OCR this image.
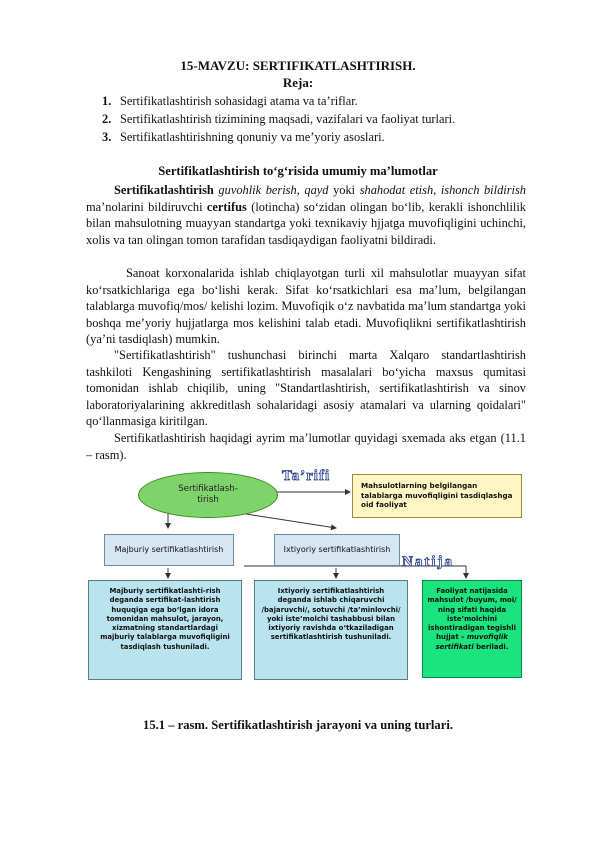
15-MAVZU: SERTIFIKATLASHTIRISH.
Reja:
1. Sertifikatlashtirish sohasidagi atama va ta’riflar.
2. Sertifikatlashtirish tizimining maqsadi, vazifalari va faoliyat turlari.
3. Sertifikatlashtirishning qonuniy va me’yoriy asoslari.
Sertifikatlashtirish to‘g‘risida umumiy ma’lumotlar

Sertifikatlashtirish guvohlik berish, qayd yoki shahodat etish, ishonch bildirish ma’nolarini bildiruvchi certifus (lotincha) so‘zidan olingan bo‘lib, kerakli ishonchlilik bilan mahsulotning muayyan standartga yoki texnikaviy hjjatga muvofiqligini uchinchi, xolis va tan olingan tomon tarafidan tasdiqaydigan faoliyatni bildiradi.

Sanoat korxonalarida ishlab chiqlayotgan turli xil mahsulotlar muayyan sifat ko‘rsatkichlariga ega bo‘lishi kerak. Sifat ko‘rsatkichlari esa ma’lum, belgilangan talablarga muvofiq/mos/ kelishi lozim. Muvofiqik o‘z navbatida ma’lum standartga yoki boshqa me’yoriy hujjatlarga mos kelishini talab etadi. Muvofiqlikni sertifikatlashtirish (ya’ni tasdiqlash) mumkin.

"Sertifikatlashtirish" tushunchasi birinchi marta Xalqaro standartlashtirish tashkiloti Kengashining sertifikatlashtirish masalalari bo‘yicha maxsus qumitasi tomonidan ishlab chiqilib, uning "Standartlashtirish, sertifikatlashtirish va sinov laboratoriyalarining akkreditlash sohalaridagi asosiy atamalari va ularning qoidalari" qo‘llanmasiga kiritilgan.

Sertifikatlashtirish haqidagi ayrim ma’lumotlar quyidagi sxemada aks etgan (11.1 – rasm).

Sertifikatlash-
tirish
Ta’rifi
Mahsulotlarning belgilangan talablarga muvofiqligini tasdiqlashga oid faoliyat
Majburiy sertifikatlashtirish	Ixtiyoriy sertifikatlashtirish
Natija
Majburiy sertifikatlashti-rish deganda sertifikat-lashtirish huquqiga ega bo‘lgan idora tomonidan mahsulot, jarayon, xizmatning standartlardagi majburiy talablarga muvofiqligini tasdiqlash tushuniladi.
Ixtiyoriy sertifikatlashtirish deganda ishlab chiqaruvchi /bajaruvchi/, sotuvchi /ta’minlovchi/ yoki iste’molchi tashabbusi bilan ixtiyoriy ravishda o‘tkaziladigan sertifikatlashtirish tushuniladi.
Faoliyat natijasida mahsulot /buyum, moi/ ning sifati haqida iste’molchini ishontiradigan tegishli hujjat – muvofiqlik sertifikati beriladi.
15.1 – rasm. Sertifikatlashtirish jarayoni va uning turlari.
